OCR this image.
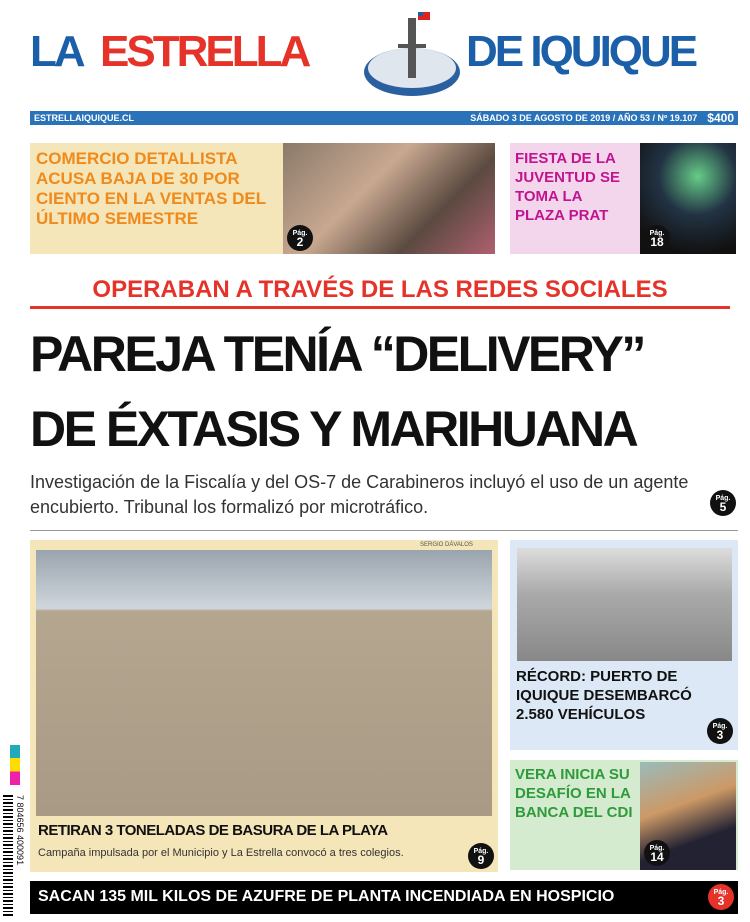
LA ESTRELLA	DE IQUIQUE
ESTRELLAIQUIQUE.CL	SÁBADO 3 DE AGOSTO DE 2019 / AÑO 53 / Nº 19.107 $400
COMERCIO DETALLISTA ACUSA BAJA DE 30 POR CIENTO EN LA VENTAS DEL ÚLTIMO SEMESTRE
Pág.
2
FIESTA DE LA JUVENTUD SE TOMA LA PLAZA PRAT
Pág.
18
OPERABAN A TRAVÉS DE LAS REDES SOCIALES
PAREJA TENÍA “DELIVERY”
DE ÉXTASIS Y MARIHUANA
Investigación de la Fiscalía y del OS-7 de Carabineros incluyó el uso de un agente encubierto. Tribunal los formalizó por microtráfico.	Pág.
5
SERGIO DÁVALOS
RETIRAN 3 TONELADAS DE BASURA DE LA PLAYA
Campaña impulsada por el Municipio y La Estrella convocó a tres colegios.	Pág.
9
RÉCORD: PUERTO DE IQUIQUE DESEMBARCÓ 2.580 VEHÍCULOS
Pág.
3
VERA INICIA SU DESAFÍO EN LA BANCA DEL CDI
Pág.
14
7 804656 400091
SACAN 135 MIL KILOS DE AZUFRE DE PLANTA INCENDIADA EN HOSPICIO	Pág.
3
